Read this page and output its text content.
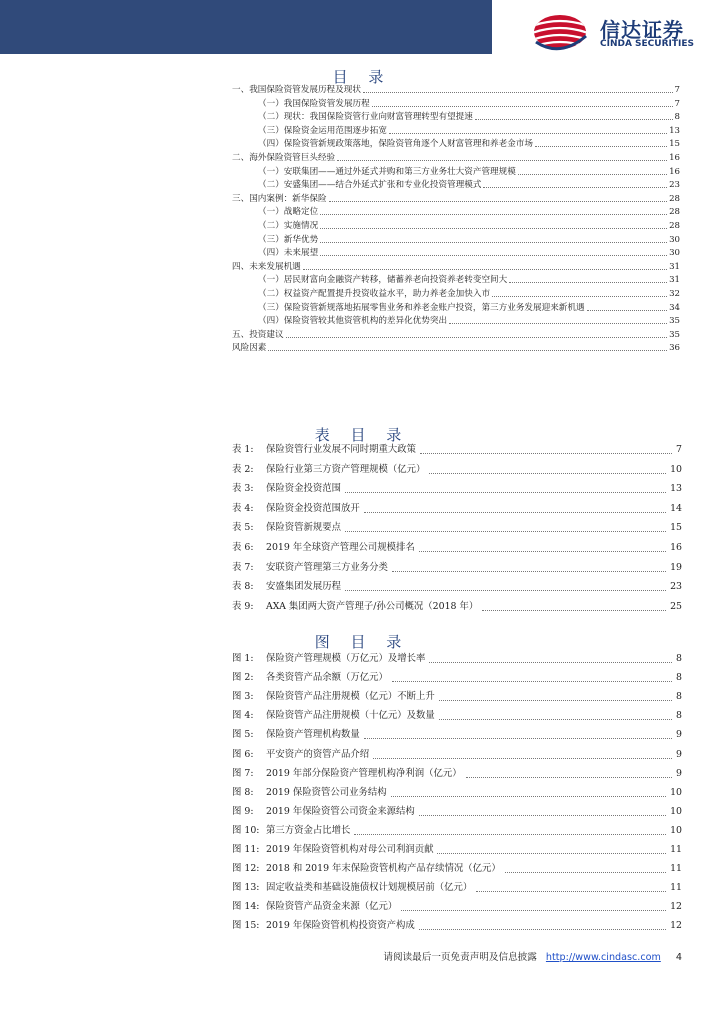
信达证券
CINDA SECURITIES
目 录
一、我国保险资管发展历程及现状	7
（一）我国保险资管发展历程	7
（二）现状：我国保险资管行业向财富管理转型有望提速	8
（三）保险资金运用范围逐步拓宽	13
（四）保险资管新规政策落地，保险资管角逐个人财富管理和养老金市场	15
二、海外保险资管巨头经验	16
（一）安联集团——通过外延式并购和第三方业务壮大资产管理规模	16
（二）安盛集团——结合外延式扩张和专业化投资管理模式	23
三、国内案例：新华保险	28
（一）战略定位	28
（二）实施情况	28
（三）新华优势	30
（四）未来展望	30
四、未来发展机遇	31
（一）居民财富向金融资产转移，储蓄养老向投资养老转变空间大	31
（二）权益资产配置提升投资收益水平，助力养老金加快入市	32
（三）保险资管新规落地拓展零售业务和养老金账户投资，第三方业务发展迎来新机遇	34
（四）保险资管较其他资管机构的差异化优势突出	35
五、投资建议	35
风险因素	36
表 目 录
表 1:	保险资管行业发展不同时期重大政策	7
表 2:	保险行业第三方资产管理规模（亿元）	10
表 3:	保险资金投资范围	13
表 4:	保险资金投资范围放开	14
表 5:	保险资管新规要点	15
表 6:	2019 年全球资产管理公司规模排名	16
表 7:	安联资产管理第三方业务分类	19
表 8:	安盛集团发展历程	23
表 9:	AXA 集团两大资产管理子/孙公司概况（2018 年）	25
图 目 录
图 1:	保险资产管理规模（万亿元）及增长率	8
图 2:	各类资管产品余额（万亿元）	8
图 3:	保险资管产品注册规模（亿元）不断上升	8
图 4:	保险资管产品注册规模（十亿元）及数量	8
图 5:	保险资产管理机构数量	9
图 6:	平安资产的资管产品介绍	9
图 7:	2019 年部分保险资产管理机构净利润（亿元）	9
图 8:	2019 保险资管公司业务结构	10
图 9:	2019 年保险资管公司资金来源结构	10
图 10: 第三方资金占比增长	10
图 11: 2019 年保险资管机构对母公司利润贡献	11
图 12: 2018 和 2019 年末保险资管机构产品存续情况（亿元）	11
图 13: 固定收益类和基础设施债权计划规模居前（亿元）	11
图 14: 保险资管产品资金来源（亿元）	12
图 15: 2019 年保险资管机构投资资产构成	12
请阅读最后一页免责声明及信息披露 http://www.cindasc.com 4
